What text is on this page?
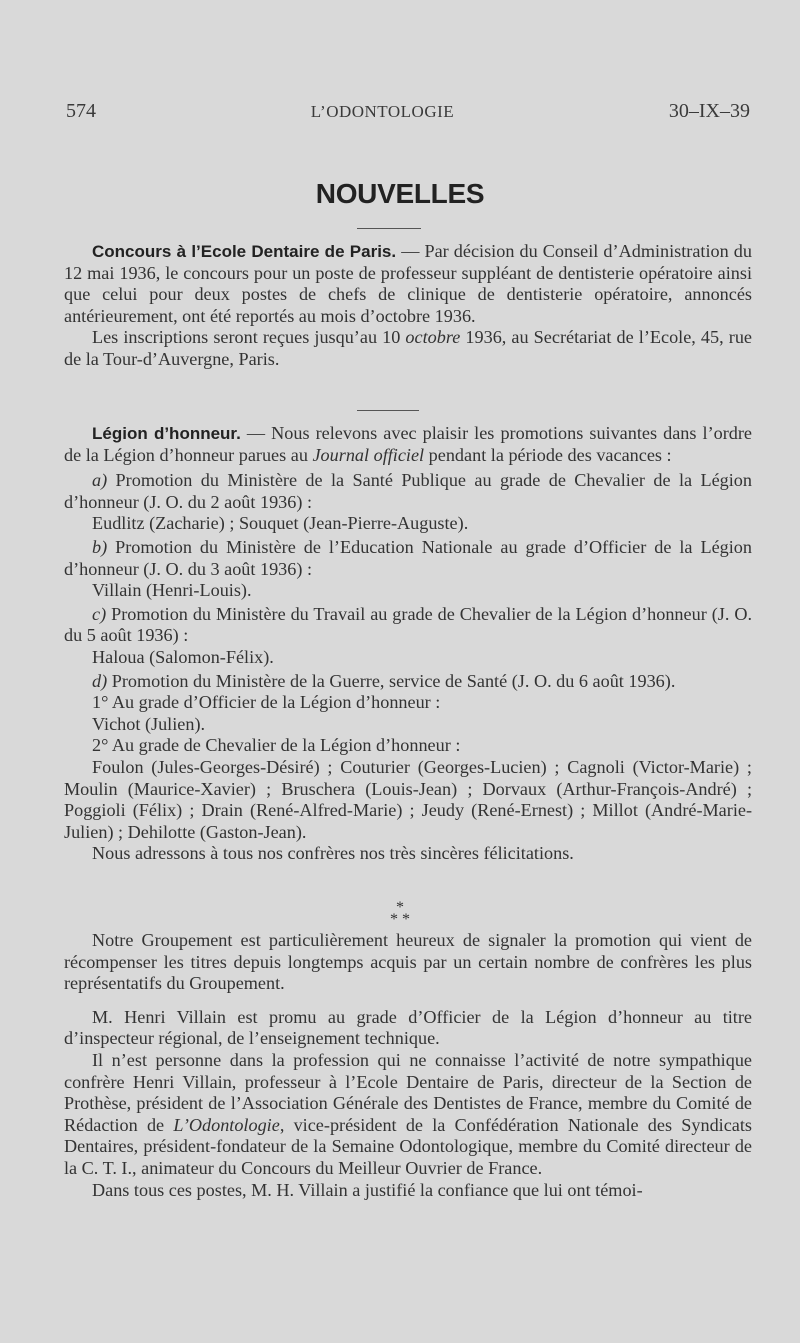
574	L’ODONTOLOGIE	30–IX–39
NOUVELLES

Concours à l’Ecole Dentaire de Paris. — Par décision du Conseil d’Administration du 12 mai 1936, le concours pour un poste de professeur suppléant de dentisterie opératoire ainsi que celui pour deux postes de chefs de clinique de dentisterie opératoire, annoncés antérieurement, ont été reportés au mois d’octobre 1936.

Les inscriptions seront reçues jusqu’au 10 octobre 1936, au Secrétariat de l’Ecole, 45, rue de la Tour-d’Auvergne, Paris.

Légion d’honneur. — Nous relevons avec plaisir les promotions suivantes dans l’ordre de la Légion d’honneur parues au Journal officiel pendant la période des vacances :

a) Promotion du Ministère de la Santé Publique au grade de Chevalier de la Légion d’honneur (J. O. du 2 août 1936) :

Eudlitz (Zacharie) ; Souquet (Jean-Pierre-Auguste).

b) Promotion du Ministère de l’Education Nationale au grade d’Officier de la Légion d’honneur (J. O. du 3 août 1936) :

Villain (Henri-Louis).

c) Promotion du Ministère du Travail au grade de Chevalier de la Légion d’honneur (J. O. du 5 août 1936) :

Haloua (Salomon-Félix).

d) Promotion du Ministère de la Guerre, service de Santé (J. O. du 6 août 1936).

1° Au grade d’Officier de la Légion d’honneur :

Vichot (Julien).

2° Au grade de Chevalier de la Légion d’honneur :

Foulon (Jules-Georges-Désiré) ; Couturier (Georges-Lucien) ; Cagnoli (Victor-Marie) ; Moulin (Maurice-Xavier) ; Bruschera (Louis-Jean) ; Dorvaux (Arthur-François-André) ; Poggioli (Félix) ; Drain (René-Alfred-Marie) ; Jeudy (René-Ernest) ; Millot (André-Marie-Julien) ; Dehilotte (Gaston-Jean).

Nous adressons à tous nos confrères nos très sincères félicitations.

*
* *

Notre Groupement est particulièrement heureux de signaler la promotion qui vient de récompenser les titres depuis longtemps acquis par un certain nombre de confrères les plus représentatifs du Groupement.

M. Henri Villain est promu au grade d’Officier de la Légion d’honneur au titre d’inspecteur régional, de l’enseignement technique.

Il n’est personne dans la profession qui ne connaisse l’activité de notre sympathique confrère Henri Villain, professeur à l’Ecole Dentaire de Paris, directeur de la Section de Prothèse, président de l’Association Générale des Dentistes de France, membre du Comité de Rédaction de L’Odontologie, vice-président de la Confédération Nationale des Syndicats Dentaires, président-fondateur de la Semaine Odontologique, membre du Comité directeur de la C. T. I., animateur du Concours du Meilleur Ouvrier de France.

Dans tous ces postes, M. H. Villain a justifié la confiance que lui ont témoi-
